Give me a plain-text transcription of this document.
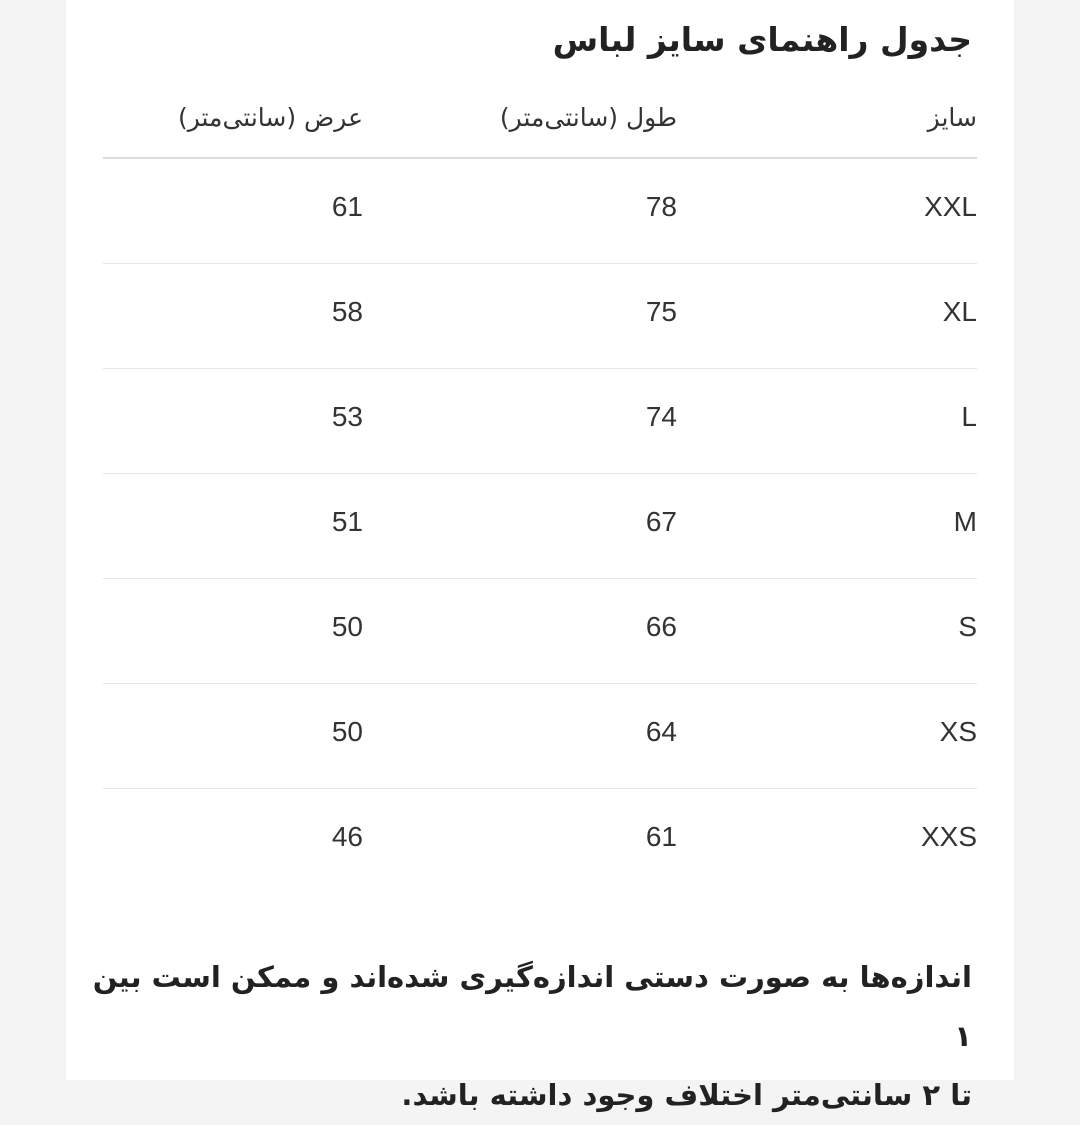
جدول راهنمای سایز لباس
سایز
طول (سانتی‌متر)
عرض (سانتی‌متر)
XXL
78
61
XL
75
58
L
74
53
M
67
51
S
66
50
XS
64
50
XXS
61
46
اندازه‌ها به صورت دستی اندازه‌گیری شده‌اند و ممکن است بین ۱
تا ۲ سانتی‌متر اختلاف وجود داشته باشد.
